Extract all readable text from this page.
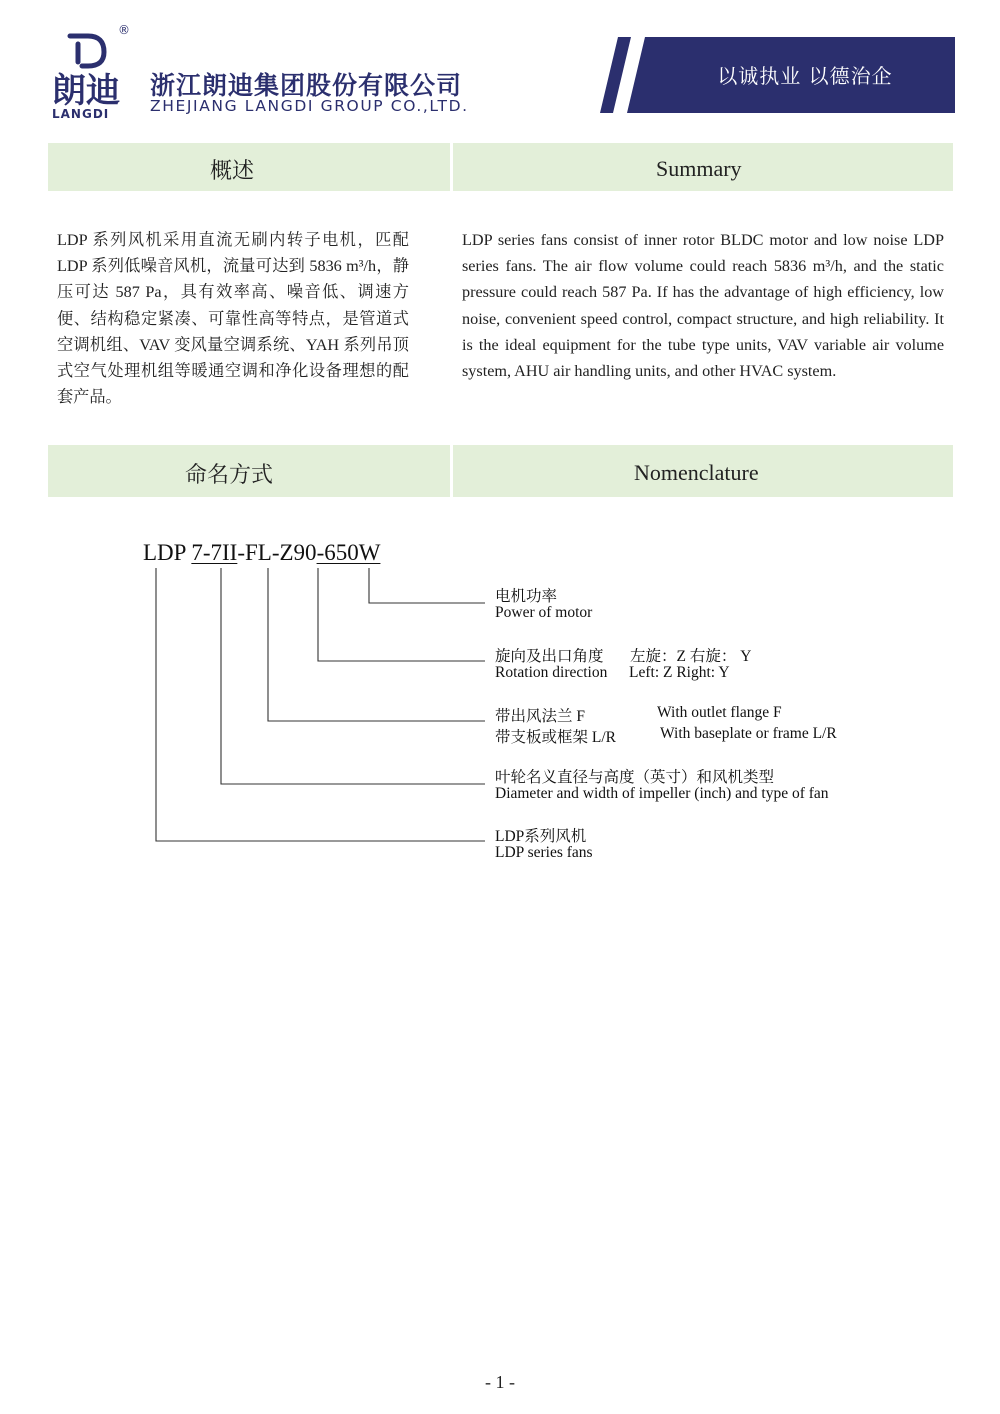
朗迪
LANGDI
®
浙江朗迪集团股份有限公司
ZHEJIANG LANGDI GROUP CO.,LTD.
以诚执业 以德治企
概述	Summary
LDP 系列风机采用直流无刷内转子电机，匹配LDP 系列低噪音风机，流量可达到 5836 m³/h，静压可达 587 Pa，具有效率高、噪音低、调速方便、结构稳定紧凑、可靠性高等特点，是管道式空调机组、VAV 变风量空调系统、YAH 系列吊顶式空气处理机组等暖通空调和净化设备理想的配套产品。
LDP series fans consist of inner rotor BLDC motor and low noise LDP series fans. The air flow volume could reach 5836 m³/h, and the static pressure could reach 587 Pa. If has the advantage of high efficiency, low noise, convenient speed control, compact structure, and high reliability. It is the ideal equipment for the tube type units, VAV variable air volume system, AHU air handling units, and other HVAC system.
命名方式	Nomenclature
LDP 7-7II-FL-Z90-650W
电机功率
Power of motor
旋向及出口角度 左旋：Z 右旋： Y
Rotation direction Left: Z Right: Y
带出风法兰 F	With outlet flange F
带支板或框架 L/R	With baseplate or frame L/R
叶轮名义直径与高度（英寸）和风机类型
Diameter and width of impeller (inch) and type of fan
LDP系列风机
LDP series fans
- 1 -
